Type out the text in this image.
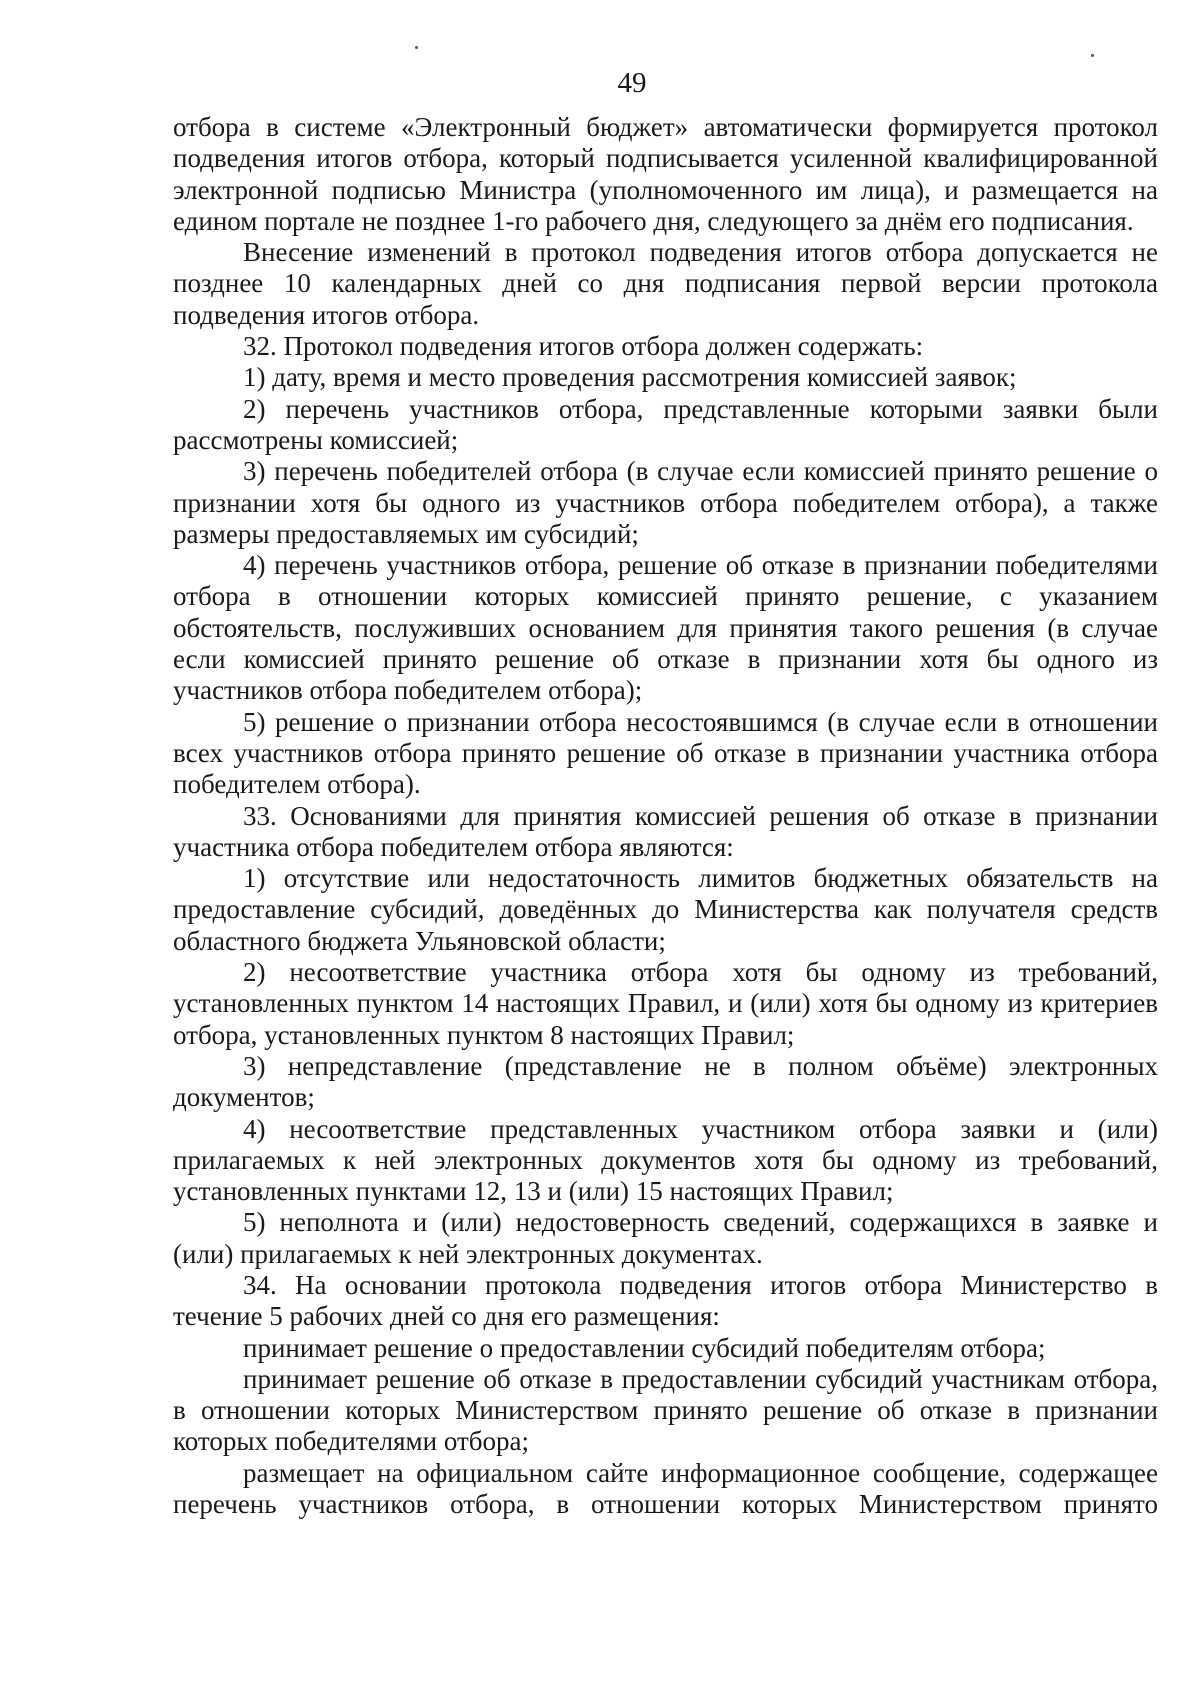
49

отбора в системе «Электронный бюджет» автоматически формируется протокол подведения итогов отбора, который подписывается усиленной квалифицированной электронной подписью Министра (уполномоченного им лица), и размещается на едином портале не позднее 1-го рабочего дня, следующего за днём его подписания.

Внесение изменений в протокол подведения итогов отбора допускается не позднее 10 календарных дней со дня подписания первой версии протокола подведения итогов отбора.

32. Протокол подведения итогов отбора должен содержать:

1) дату, время и место проведения рассмотрения комиссией заявок;

2) перечень участников отбора, представленные которыми заявки были рассмотрены комиссией;

3) перечень победителей отбора (в случае если комиссией принято решение о признании хотя бы одного из участников отбора победителем отбора), а также размеры предоставляемых им субсидий;

4) перечень участников отбора, решение об отказе в признании победителями отбора в отношении которых комиссией принято решение, с указанием обстоятельств, послуживших основанием для принятия такого решения (в случае если комиссией принято решение об отказе в признании хотя бы одного из участников отбора победителем отбора);

5) решение о признании отбора несостоявшимся (в случае если в отношении всех участников отбора принято решение об отказе в признании участника отбора победителем отбора).

33. Основаниями для принятия комиссией решения об отказе в признании участника отбора победителем отбора являются:

1) отсутствие или недостаточность лимитов бюджетных обязательств на предоставление субсидий, доведённых до Министерства как получателя средств областного бюджета Ульяновской области;

2) несоответствие участника отбора хотя бы одному из требований, установленных пунктом 14 настоящих Правил, и (или) хотя бы одному из критериев отбора, установленных пунктом 8 настоящих Правил;

3) непредставление (представление не в полном объёме) электронных документов;

4) несоответствие представленных участником отбора заявки и (или) прилагаемых к ней электронных документов хотя бы одному из требований, установленных пунктами 12, 13 и (или) 15 настоящих Правил;

5) неполнота и (или) недостоверность сведений, содержащихся в заявке и (или) прилагаемых к ней электронных документах.

34. На основании протокола подведения итогов отбора Министерство в течение 5 рабочих дней со дня его размещения:

принимает решение о предоставлении субсидий победителям отбора;

принимает решение об отказе в предоставлении субсидий участникам отбора, в отношении которых Министерством принято решение об отказе в признании которых победителями отбора;

размещает на официальном сайте информационное сообщение, содержащее перечень участников отбора, в отношении которых Министерством принято
